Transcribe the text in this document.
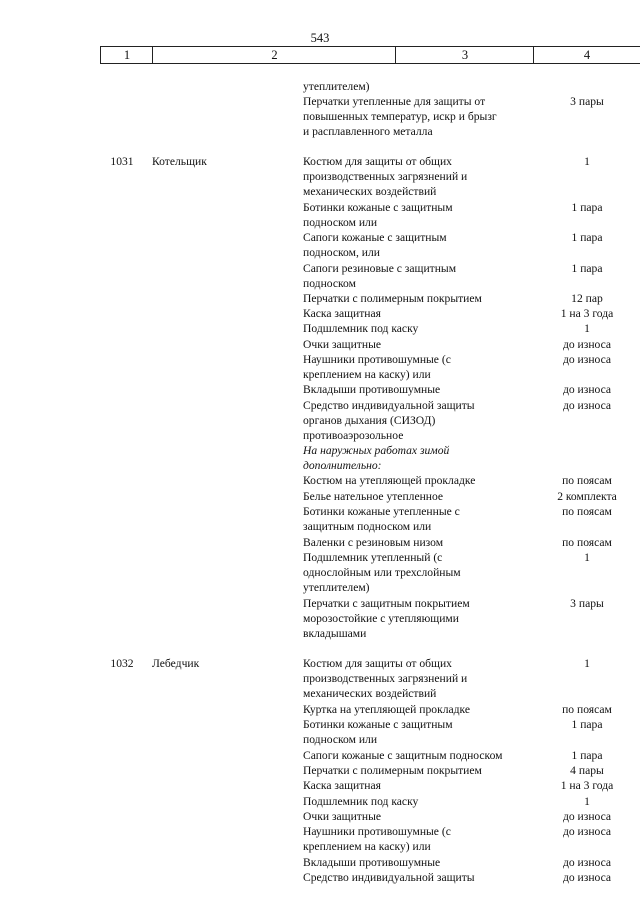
543
1	2	3	4
утеплителем)
Перчатки утепленные для защиты от	3 пары
повышенных температур, искр и брызг
и расплавленного металла
1031	Котельщик	Костюм для защиты от общих	1
производственных загрязнений и
механических воздействий
Ботинки кожаные с защитным	1 пара
подноском или
Сапоги кожаные с защитным	1 пара
подноском, или
Сапоги резиновые с защитным	1 пара
подноском
Перчатки с полимерным покрытием	12 пар
Каска защитная	1 на 3 года
Подшлемник под каску	1
Очки защитные	до износа
Наушники противошумные (с	до износа
креплением на каску) или
Вкладыши противошумные	до износа
Средство индивидуальной защиты	до износа
органов дыхания (СИЗОД)
противоаэрозольное
На наружных работах зимой
дополнительно:
Костюм на утепляющей прокладке	по поясам
Белье нательное утепленное	2 комплекта
Ботинки кожаные утепленные с	по поясам
защитным подноском или
Валенки с резиновым низом	по поясам
Подшлемник утепленный (с	1
однослойным или трехслойным
утеплителем)
Перчатки с защитным покрытием	3 пары
морозостойкие с утепляющими
вкладышами
1032	Лебедчик	Костюм для защиты от общих	1
производственных загрязнений и
механических воздействий
Куртка на утепляющей прокладке	по поясам
Ботинки кожаные с защитным	1 пара
подноском или
Сапоги кожаные с защитным подноском	1 пара
Перчатки с полимерным покрытием	4 пары
Каска защитная	1 на 3 года
Подшлемник под каску	1
Очки защитные	до износа
Наушники противошумные (с	до износа
креплением на каску) или
Вкладыши противошумные	до износа
Средство индивидуальной защиты	до износа
